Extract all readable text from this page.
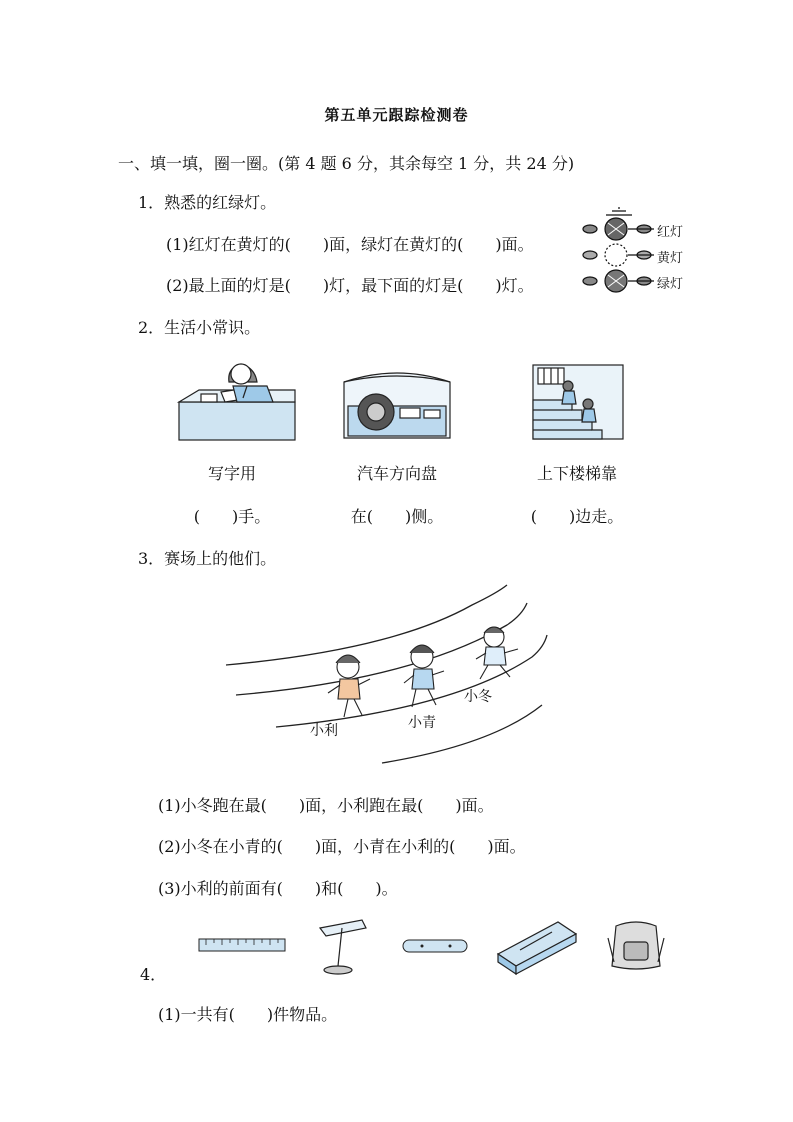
第五单元跟踪检测卷
一、填一填，圈一圈。(第 4 题 6 分，其余每空 1 分，共 24 分)
1．熟悉的红绿灯。
(1)红灯在黄灯的(　　)面，绿灯在黄灯的(　　)面。
(2)最上面的灯是(　　)灯，最下面的灯是(　　)灯。
红灯
黄灯
绿灯
2．生活小常识。
写字用	汽车方向盘	上下楼梯靠
(　　)手。	在(　　)侧。	(　　)边走。
3．赛场上的他们。
小利	小青
小冬
(1)小冬跑在最(　　)面，小利跑在最(　　)面。
(2)小冬在小青的(　　)面，小青在小利的(　　)面。
(3)小利的前面有(　　)和(　　)。
4．
(1)一共有(　　)件物品。
